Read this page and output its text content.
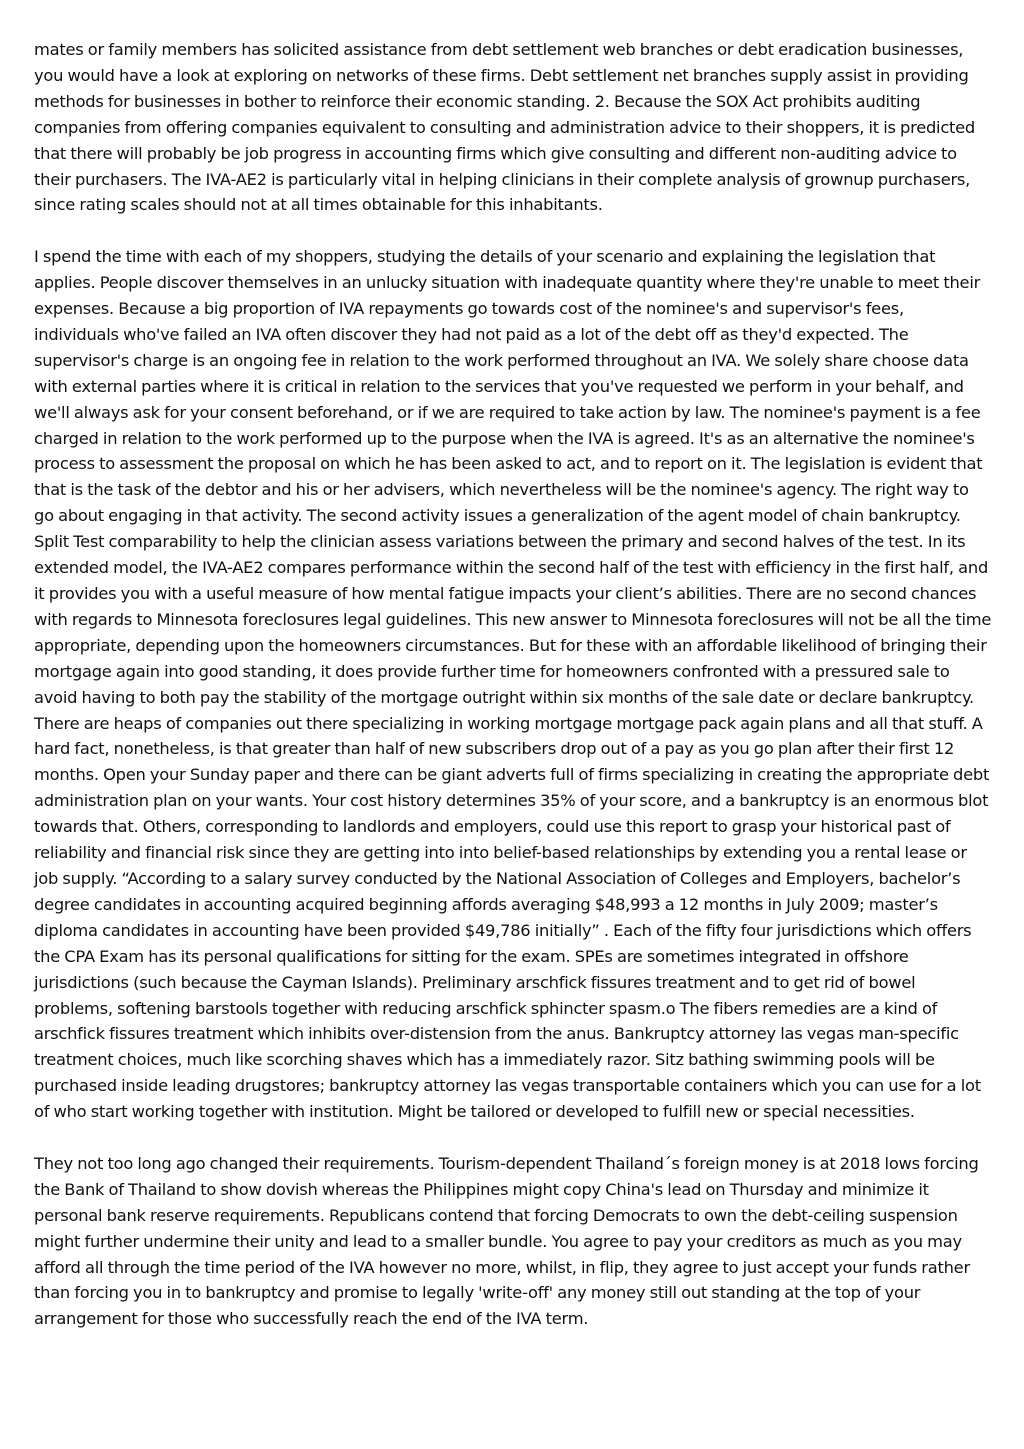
mates or family members has solicited assistance from debt settlement web branches or debt eradication businesses, you would have a look at exploring on networks of these firms. Debt settlement net branches supply assist in providing methods for businesses in bother to reinforce their economic standing. 2. Because the SOX Act prohibits auditing companies from offering companies equivalent to consulting and administration advice to their shoppers, it is predicted that there will probably be job progress in accounting firms which give consulting and different non-auditing advice to their purchasers. The IVA-AE2 is particularly vital in helping clinicians in their complete analysis of grownup purchasers, since rating scales should not at all times obtainable for this inhabitants.

I spend the time with each of my shoppers, studying the details of your scenario and explaining the legislation that applies. People discover themselves in an unlucky situation with inadequate quantity where they're unable to meet their expenses. Because a big proportion of IVA repayments go towards cost of the nominee's and supervisor's fees, individuals who've failed an IVA often discover they had not paid as a lot of the debt off as they'd expected. The supervisor's charge is an ongoing fee in relation to the work performed throughout an IVA. We solely share choose data with external parties where it is critical in relation to the services that you've requested we perform in your behalf, and we'll always ask for your consent beforehand, or if we are required to take action by law. The nominee's payment is a fee charged in relation to the work performed up to the purpose when the IVA is agreed. It's as an alternative the nominee's process to assessment the proposal on which he has been asked to act, and to report on it. The legislation is evident that that is the task of the debtor and his or her advisers, which nevertheless will be the nominee's agency. The right way to go about engaging in that activity. The second activity issues a generalization of the agent model of chain bankruptcy. Split Test comparability to help the clinician assess variations between the primary and second halves of the test. In its extended model, the IVA-AE2 compares performance within the second half of the test with efficiency in the first half, and it provides you with a useful measure of how mental fatigue impacts your client’s abilities. There are no second chances with regards to Minnesota foreclosures legal guidelines. This new answer to Minnesota foreclosures will not be all the time appropriate, depending upon the homeowners circumstances. But for these with an affordable likelihood of bringing their mortgage again into good standing, it does provide further time for homeowners confronted with a pressured sale to avoid having to both pay the stability of the mortgage outright within six months of the sale date or declare bankruptcy. There are heaps of companies out there specializing in working mortgage mortgage pack again plans and all that stuff. A hard fact, nonetheless, is that greater than half of new subscribers drop out of a pay as you go plan after their first 12 months. Open your Sunday paper and there can be giant adverts full of firms specializing in creating the appropriate debt administration plan on your wants. Your cost history determines 35% of your score, and a bankruptcy is an enormous blot towards that. Others, corresponding to landlords and employers, could use this report to grasp your historical past of reliability and financial risk since they are getting into into belief-based relationships by extending you a rental lease or job supply. “According to a salary survey conducted by the National Association of Colleges and Employers, bachelor’s degree candidates in accounting acquired beginning affords averaging $48,993 a 12 months in July 2009; master’s diploma candidates in accounting have been provided $49,786 initially” . Each of the fifty four jurisdictions which offers the CPA Exam has its personal qualifications for sitting for the exam. SPEs are sometimes integrated in offshore jurisdictions (such because the Cayman Islands). Preliminary arschfick fissures treatment and to get rid of bowel problems, softening barstools together with reducing arschfick sphincter spasm.o The fibers remedies are a kind of arschfick fissures treatment which inhibits over-distension from the anus. Bankruptcy attorney las vegas man-specific treatment choices, much like scorching shaves which has a immediately razor. Sitz bathing swimming pools will be purchased inside leading drugstores; bankruptcy attorney las vegas transportable containers which you can use for a lot of who start working together with institution. Might be tailored or developed to fulfill new or special necessities.

They not too long ago changed their requirements. Tourism-dependent Thailand´s foreign money is at 2018 lows forcing the Bank of Thailand to show dovish whereas the Philippines might copy China's lead on Thursday and minimize it personal bank reserve requirements. Republicans contend that forcing Democrats to own the debt-ceiling suspension might further undermine their unity and lead to a smaller bundle. You agree to pay your creditors as much as you may afford all through the time period of the IVA however no more, whilst, in flip, they agree to just accept your funds rather than forcing you in to bankruptcy and promise to legally 'write-off' any money still out standing at the top of your arrangement for those who successfully reach the end of the IVA term.
